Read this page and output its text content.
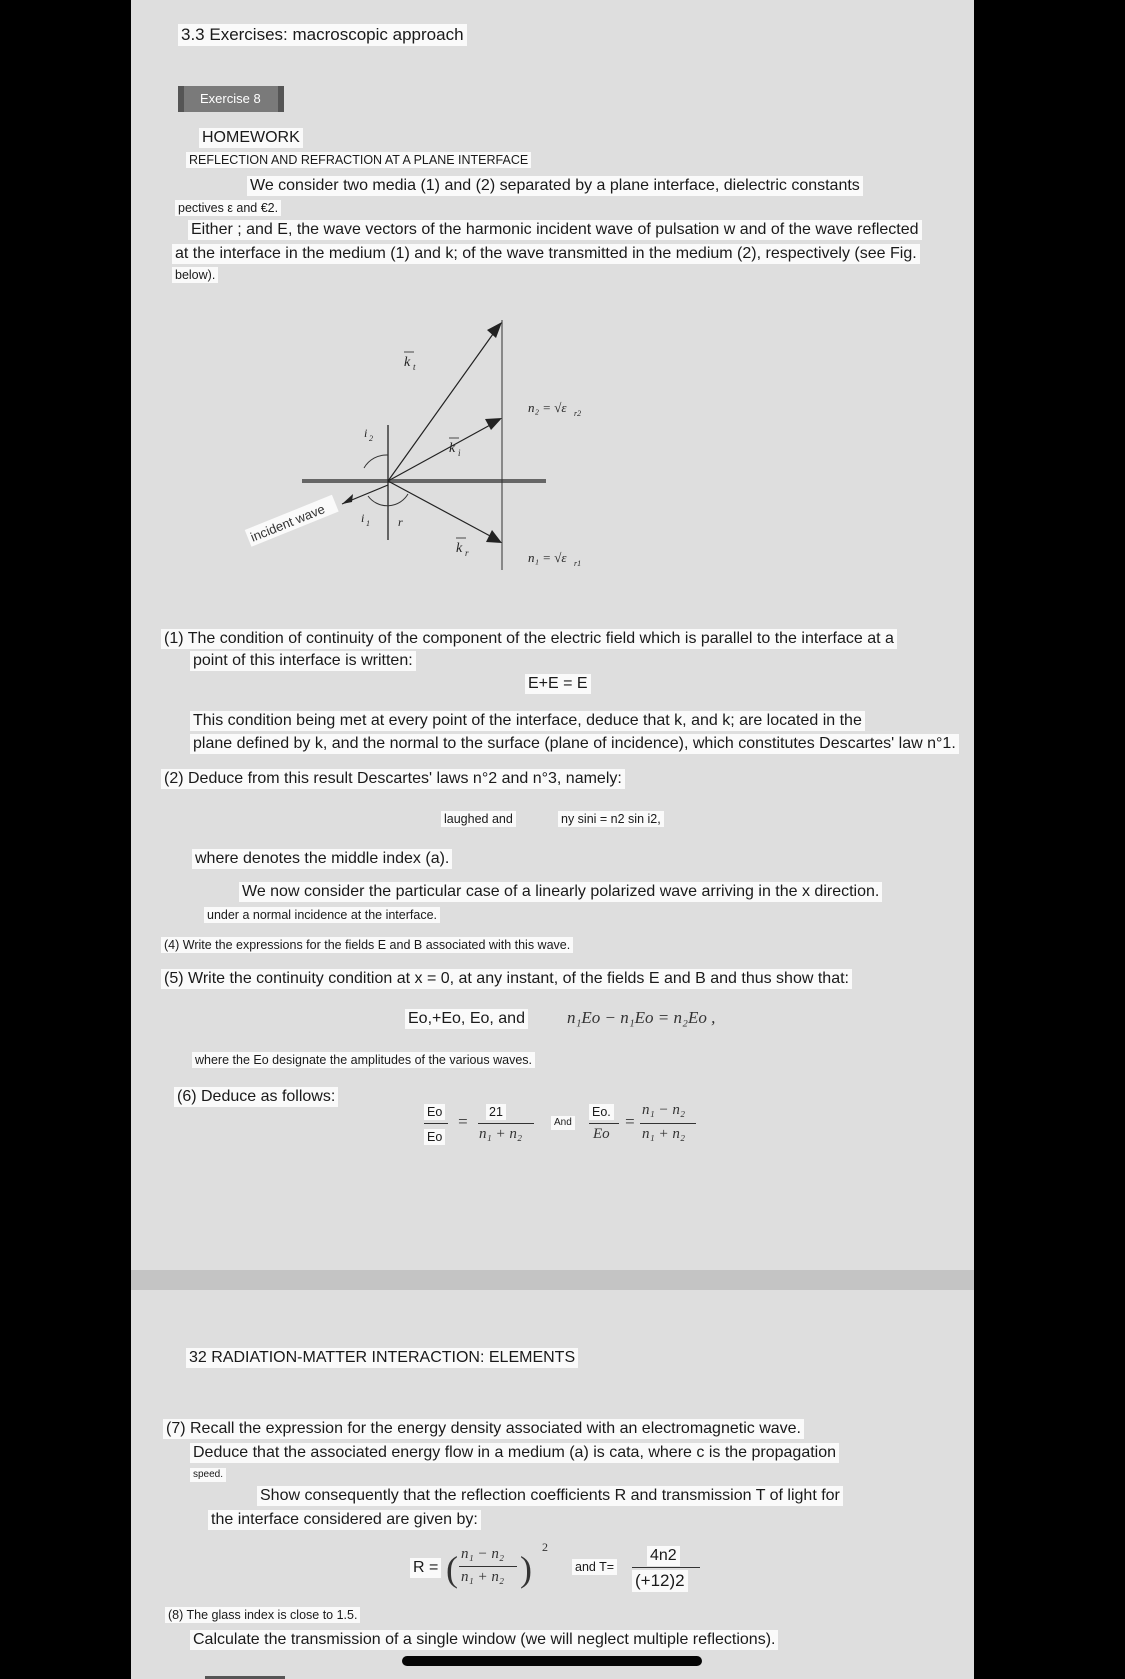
3.3 Exercises: macroscopic approach
Exercise 8
HOMEWORK
REFLECTION AND REFRACTION AT A PLANE INTERFACE
We consider two media (1) and (2) separated by a plane interface, dielectric constants
pectives ε and €2.
Either ; and E, the wave vectors of the harmonic incident wave of pulsation w and of the wave reflected
at the interface in the medium (1) and k; of the wave transmitted in the medium (2), respectively (see Fig.
below).
k t
k i
k r
i 2
i 1 r
n₂ = √ε r2
n₁ = √ε r1
incident wave
(1) The condition of continuity of the component of the electric field which is parallel to the interface at a
point of this interface is written:
E+E = E
This condition being met at every point of the interface, deduce that k, and k; are located in the
plane defined by k, and the normal to the surface (plane of incidence), which constitutes Descartes' law n°1.
(2) Deduce from this result Descartes' laws n°2 and n°3, namely:
laughed and	ny sini = n2 sin i2,
where denotes the middle index (a).
We now consider the particular case of a linearly polarized wave arriving in the x direction.
under a normal incidence at the interface.
(4) Write the expressions for the fields E and B associated with this wave.
(5) Write the continuity condition at x = 0, at any instant, of the fields E and B and thus show that:
Eo,+Eo, Eo, and n₁Eo − n₁Eo = n₂Eo ,
where the Eo designate the amplitudes of the various waves.
(6) Deduce as follows:
Eo
Eo
= 21
n₁ + n₂
And
Eo.
Eo
=
n₁ − n₂
n₁ + n₂
32 RADIATION-MATTER INTERACTION: ELEMENTS
(7) Recall the expression for the energy density associated with an electromagnetic wave.
Deduce that the associated energy flow in a medium (a) is cata, where c is the propagation
speed.
Show consequently that the reflection coefficients R and transmission T of light for
the interface considered are given by:
R = ( n₁ − n₂
n₁ + n₂ )
2
and T=
4n2
(+12)2
(8) The glass index is close to 1.5.
Calculate the transmission of a single window (we will neglect multiple reflections).
